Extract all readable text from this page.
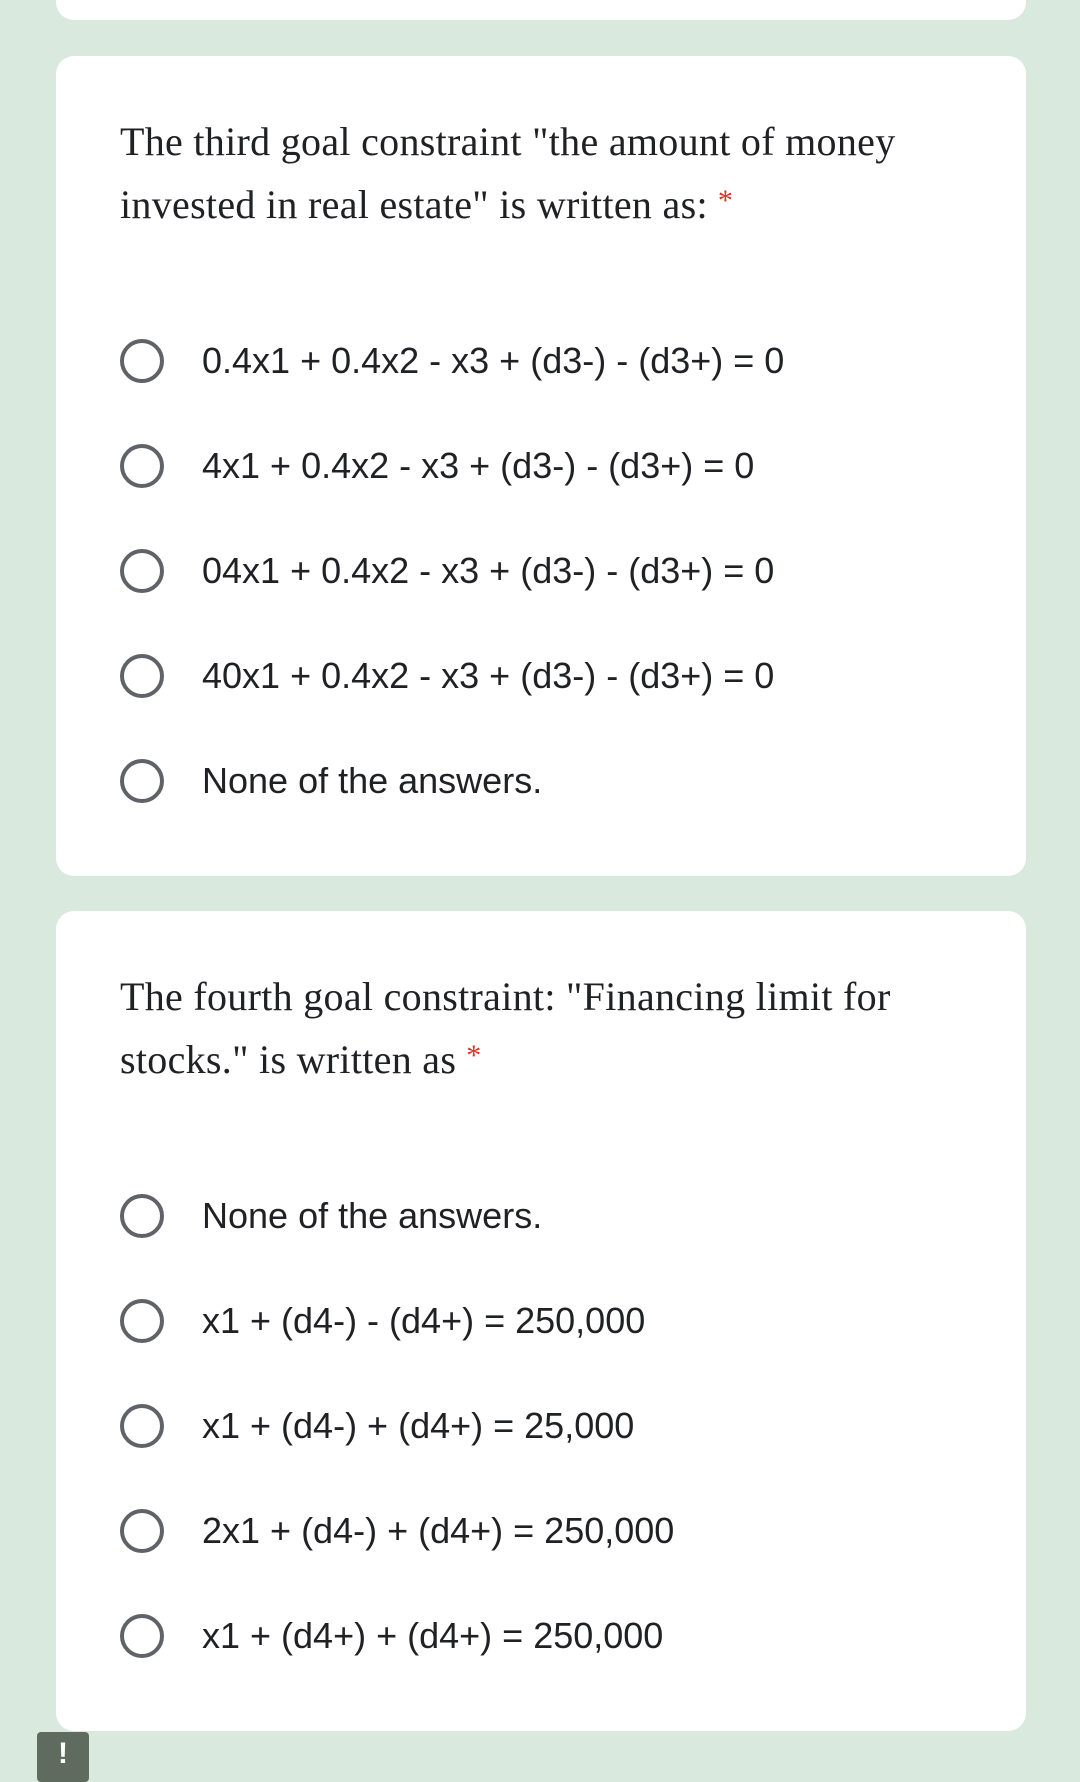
The third goal constraint "the amount of money invested in real estate" is written as: *
0.4x1 + 0.4x2 - x3 + (d3-) - (d3+) = 0
4x1 + 0.4x2 - x3 + (d3-) - (d3+) = 0
04x1 + 0.4x2 - x3 + (d3-) - (d3+) = 0
40x1 + 0.4x2 - x3 + (d3-) - (d3+) = 0
None of the answers.
The fourth goal constraint: "Financing limit for stocks." is written as *
None of the answers.
x1 + (d4-) - (d4+) = 250,000
x1 + (d4-) + (d4+) = 25,000
2x1 + (d4-) + (d4+) = 250,000
x1 + (d4+) + (d4+) = 250,000
!
